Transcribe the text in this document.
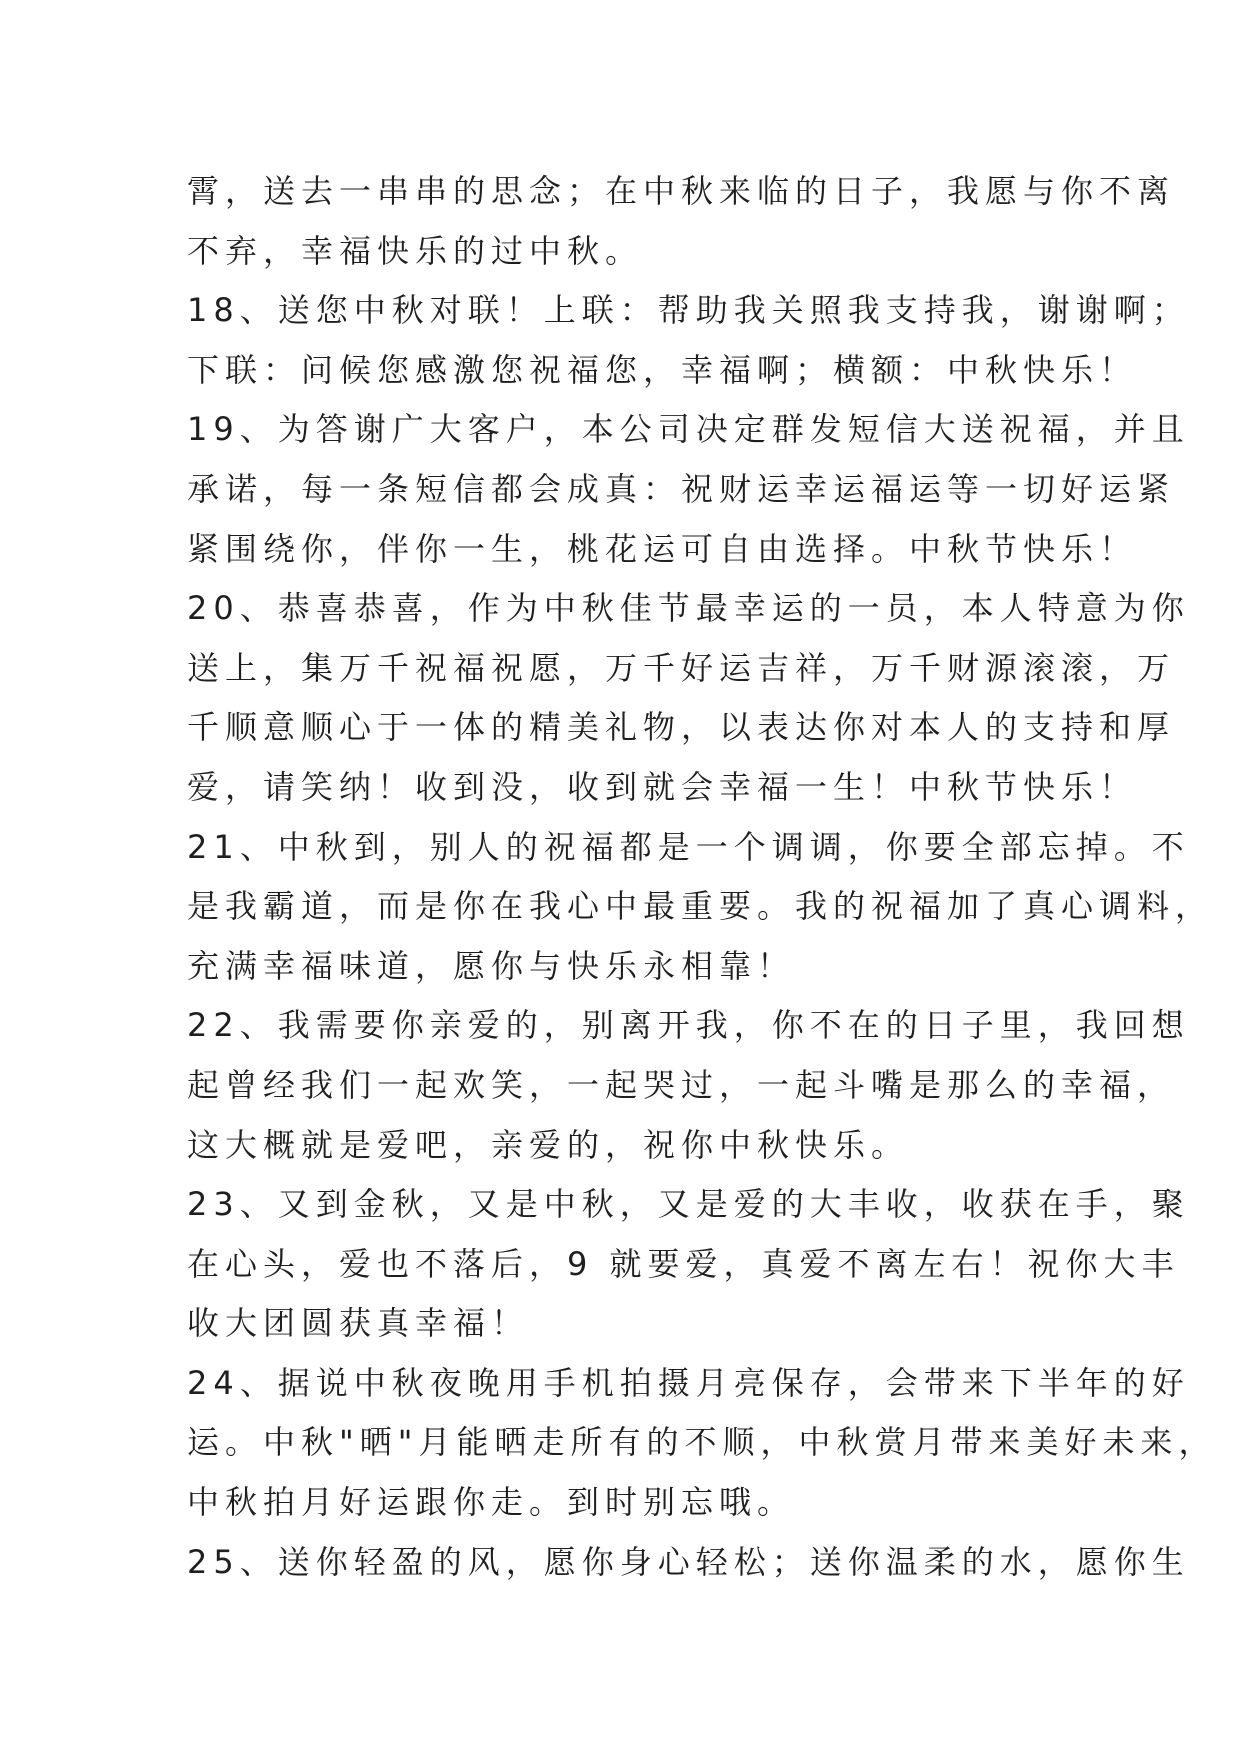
霄，送去一串串的思念；在中秋来临的日子，我愿与你不离
不弃，幸福快乐的过中秋。
18、送您中秋对联！上联：帮助我关照我支持我，谢谢啊；
下联：问候您感激您祝福您，幸福啊；横额：中秋快乐！
19、为答谢广大客户，本公司决定群发短信大送祝福，并且
承诺，每一条短信都会成真：祝财运幸运福运等一切好运紧
紧围绕你，伴你一生，桃花运可自由选择。中秋节快乐！
20、恭喜恭喜，作为中秋佳节最幸运的一员，本人特意为你
送上，集万千祝福祝愿，万千好运吉祥，万千财源滚滚，万
千顺意顺心于一体的精美礼物，以表达你对本人的支持和厚
爱，请笑纳！收到没，收到就会幸福一生！中秋节快乐！
21、中秋到，别人的祝福都是一个调调，你要全部忘掉。不
是我霸道，而是你在我心中最重要。我的祝福加了真心调料，
充满幸福味道，愿你与快乐永相靠！
22、我需要你亲爱的，别离开我，你不在的日子里，我回想
起曾经我们一起欢笑，一起哭过，一起斗嘴是那么的幸福，
这大概就是爱吧，亲爱的，祝你中秋快乐。
23、又到金秋，又是中秋，又是爱的大丰收，收获在手，聚
在心头，爱也不落后，9 就要爱，真爱不离左右！祝你大丰
收大团圆获真幸福！
24、据说中秋夜晚用手机拍摄月亮保存，会带来下半年的好
运。中秋"晒"月能晒走所有的不顺，中秋赏月带来美好未来，
中秋拍月好运跟你走。到时别忘哦。
25、送你轻盈的风，愿你身心轻松；送你温柔的水，愿你生
